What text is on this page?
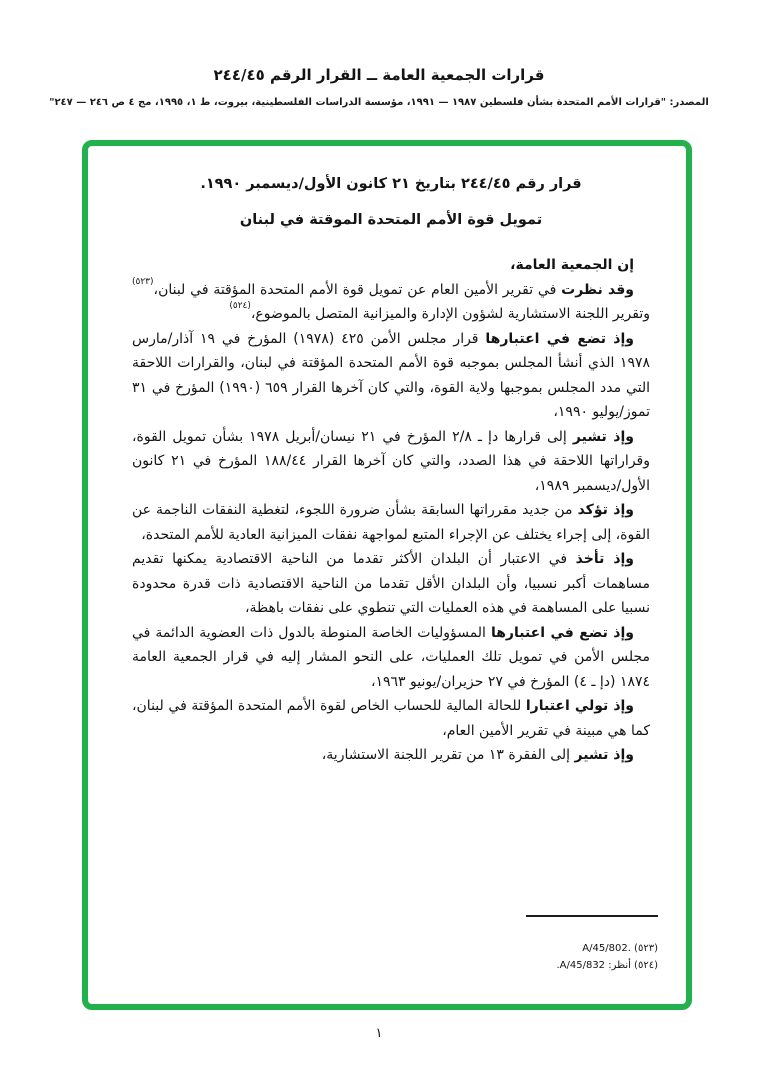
قرارات الجمعية العامة ــ القرار الرقم ٢٤٤/٤٥
المصدر: "قرارات الأمم المتحدة بشأن فلسطين ١٩٨٧ — ١٩٩١، مؤسسة الدراسات الفلسطينية، بيروت، ط ١، ١٩٩٥، مج ٤ ص ٢٤٦ — ٢٤٧"
قرار رقم ٢٤٤/٤٥ بتاريخ ٢١ كانون الأول/ديسمبر ١٩٩٠.
تمويل قوة الأمم المتحدة الموقتة في لبنان

إن الجمعية العامة،

وقد نظرت في تقرير الأمين العام عن تمويل قوة الأمم المتحدة المؤقتة في لبنان،$^{(٥٢٣)}$ وتقرير اللجنة الاستشارية لشؤون الإدارة والميزانية المتصل بالموضوع،$^{(٥٢٤)}$

وإذ تضع في اعتبارها قرار مجلس الأمن ٤٢٥ (١٩٧٨) المؤرخ في ١٩ آذار/مارس ١٩٧٨ الذي أنشأ المجلس بموجبه قوة الأمم المتحدة المؤقتة في لبنان، والقرارات اللاحقة التي مدد المجلس بموجبها ولاية القوة، والتي كان آخرها القرار ٦٥٩ (١٩٩٠) المؤرخ في ٣١ تموز/يوليو ١٩٩٠،

وإذ تشير إلى قرارها دإ ـ ٢/٨ المؤرخ في ٢١ نيسان/أبريل ١٩٧٨ بشأن تمويل القوة، وقراراتها اللاحقة في هذا الصدد، والتي كان آخرها القرار ١٨٨/٤٤ المؤرخ في ٢١ كانون الأول/ديسمبر ١٩٨٩،

وإذ تؤكد من جديد مقرراتها السابقة بشأن ضرورة اللجوء، لتغطية النفقات الناجمة عن القوة، إلى إجراء يختلف عن الإجراء المتبع لمواجهة نفقات الميزانية العادية للأمم المتحدة،

وإذ تأخذ في الاعتبار أن البلدان الأكثر تقدما من الناحية الاقتصادية يمكنها تقديم مساهمات أكبر نسبيا، وأن البلدان الأقل تقدما من الناحية الاقتصادية ذات قدرة محدودة نسبيا على المساهمة في هذه العمليات التي تنطوي على نفقات باهظة،

وإذ تضع في اعتبارها المسؤوليات الخاصة المنوطة بالدول ذات العضوية الدائمة في مجلس الأمن في تمويل تلك العمليات، على النحو المشار إليه في قرار الجمعية العامة ١٨٧٤ (دإ ـ ٤) المؤرخ في ٢٧ حزيران/يونيو ١٩٦٣،

وإذ تولي اعتبارا للحالة المالية للحساب الخاص لقوة الأمم المتحدة المؤقتة في لبنان، كما هي مبينة في تقرير الأمين العام،

وإذ تشير إلى الفقرة ١٣ من تقرير اللجنة الاستشارية،

(٥٢٣) A/45/802.‎
(٥٢٤) أنظر: A/45/832.
١
